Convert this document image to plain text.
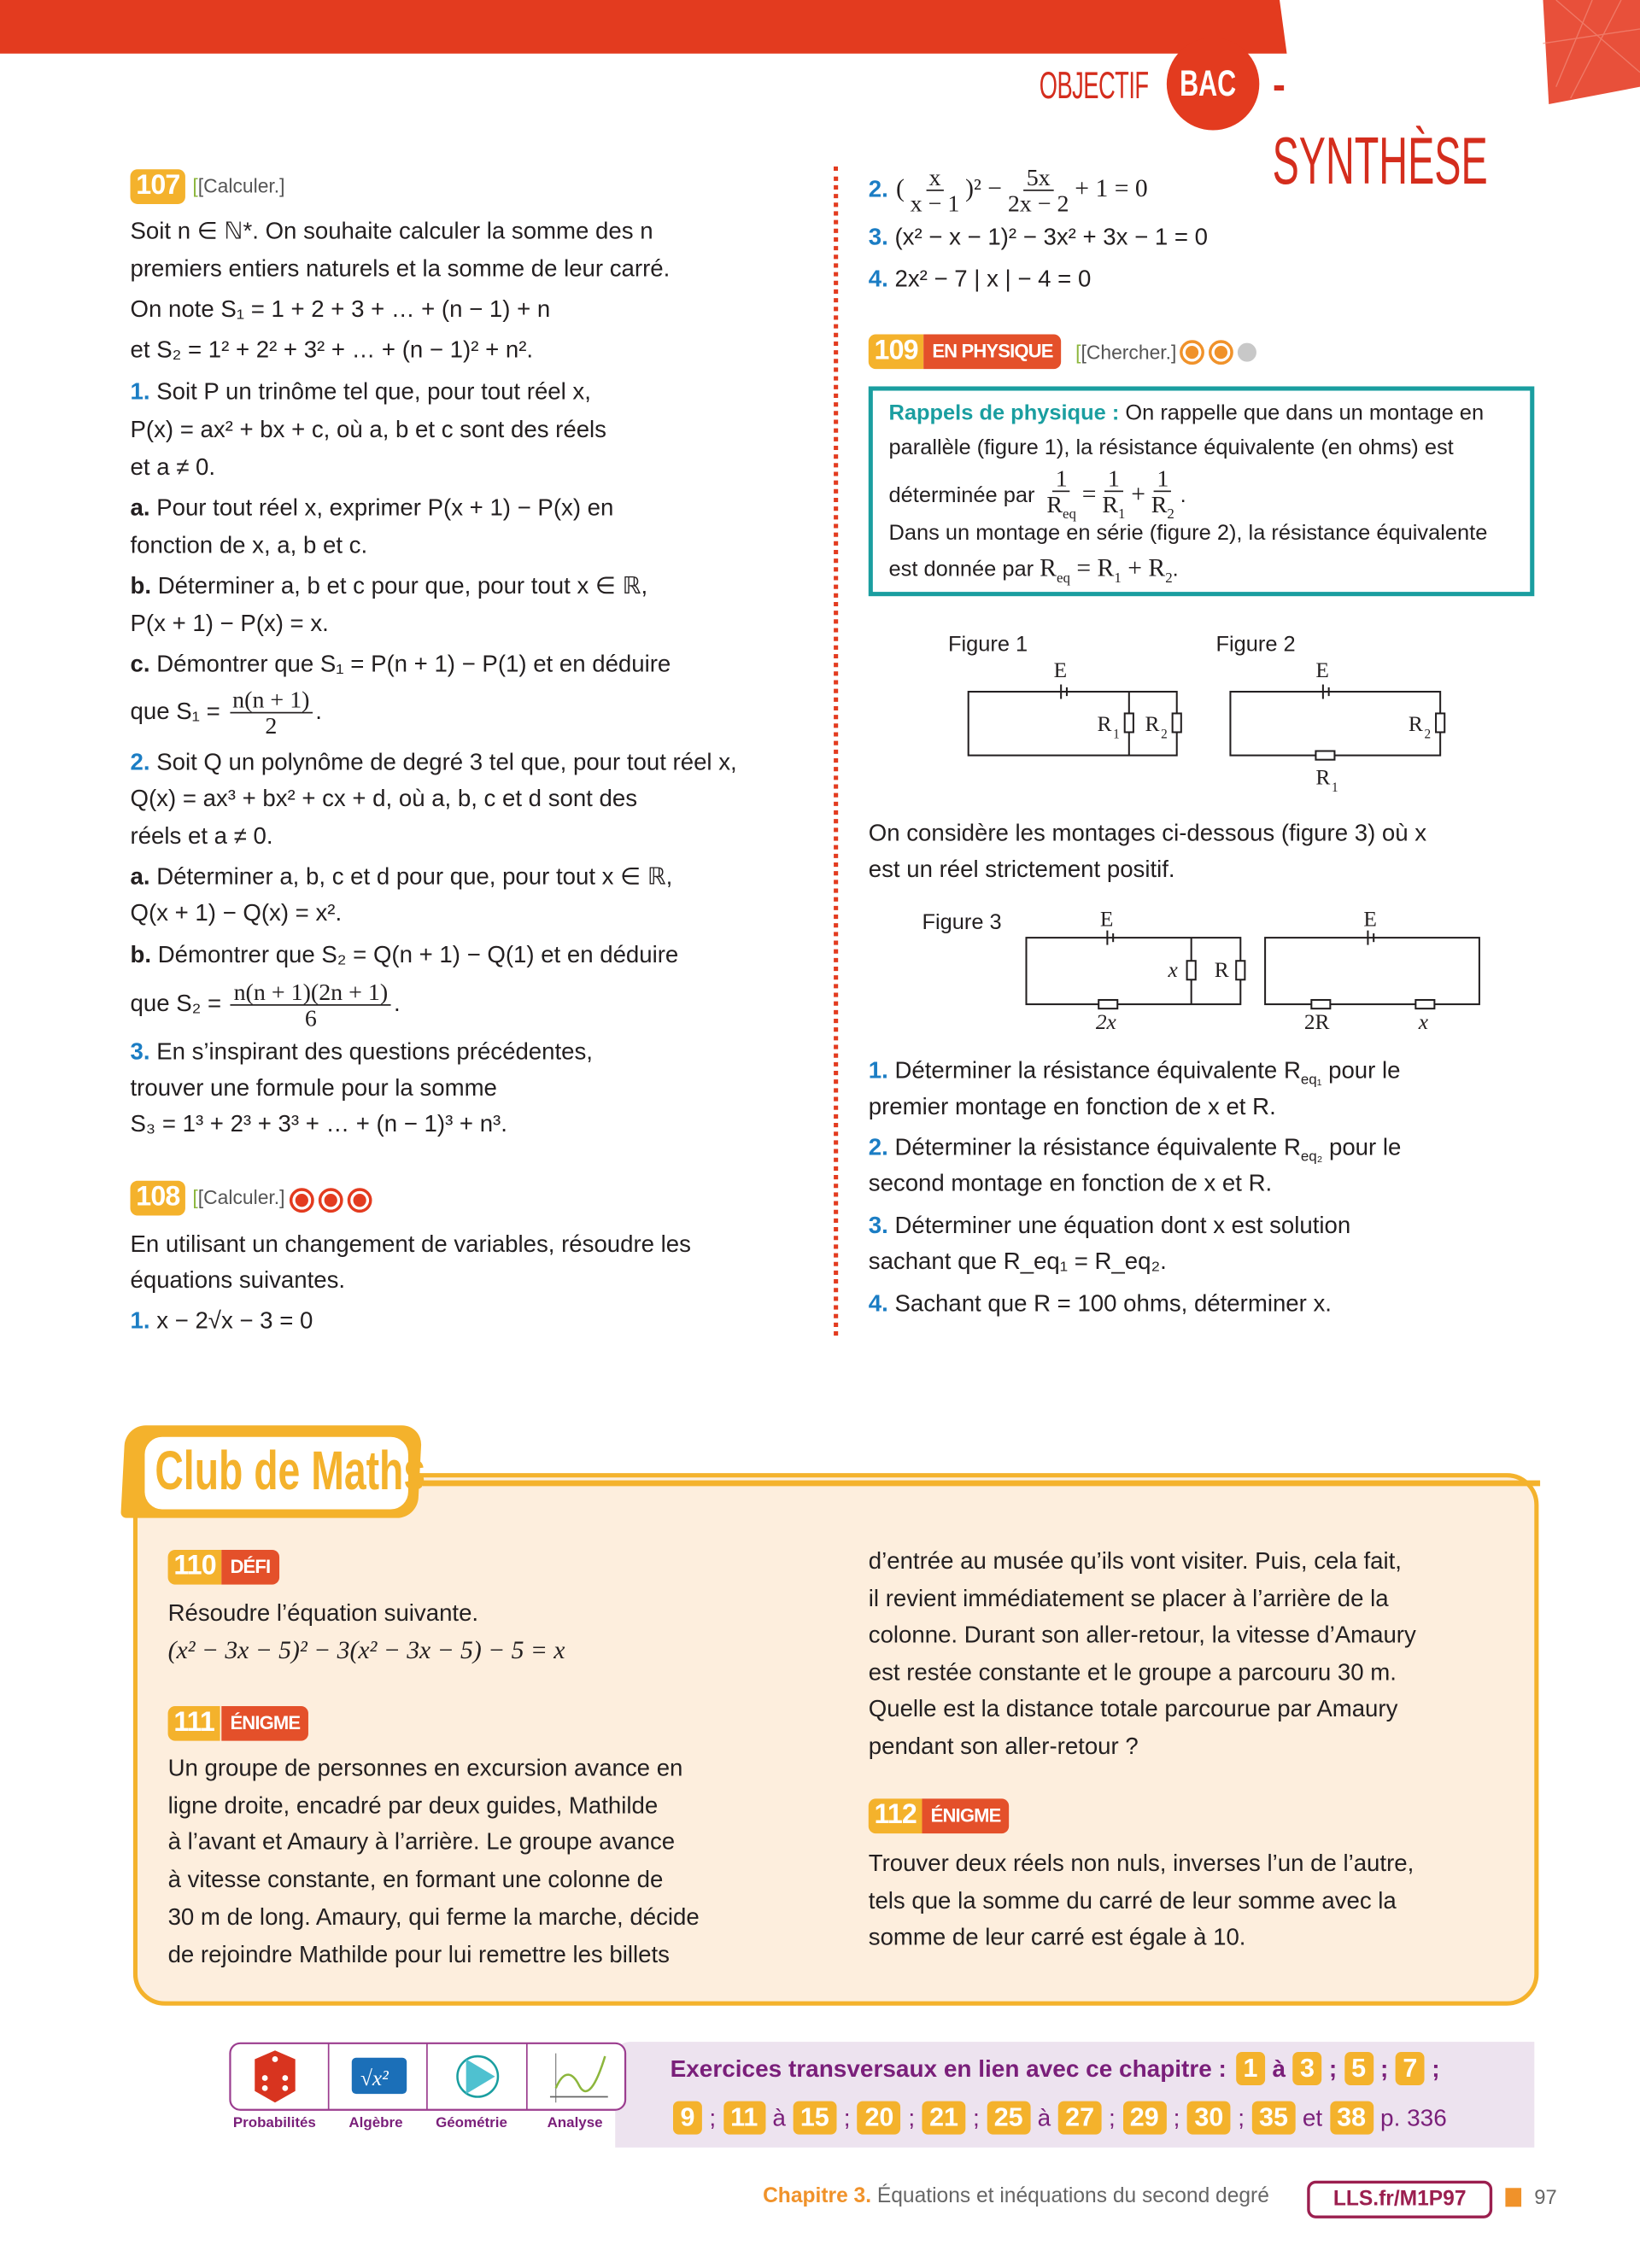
OBJECTIF BAC - SYNTHÈSE
107	[[Calculer.]
Soit n ∈ ℕ*. On souhaite calculer la somme des n
premiers entiers naturels et la somme de leur carré.
On note S₁ = 1 + 2 + 3 + … + (n − 1) + n
et S₂ = 1² + 2² + 3² + … + (n − 1)² + n².
1. Soit P un trinôme tel que, pour tout réel x,
P(x) = ax² + bx + c, où a, b et c sont des réels
et a ≠ 0.
a. Pour tout réel x, exprimer P(x + 1) − P(x) en
fonction de x, a, b et c.
b. Déterminer a, b et c pour que, pour tout x ∈ ℝ,
P(x + 1) − P(x) = x.
c. Démontrer que S₁ = P(n + 1) − P(1) et en déduire
2. Soit Q un polynôme de degré 3 tel que, pour tout réel x,
Q(x) = ax³ + bx² + cx + d, où a, b, c et d sont des
réels et a ≠ 0.
a. Déterminer a, b, c et d pour que, pour tout x ∈ ℝ,
Q(x + 1) − Q(x) = x².
b. Démontrer que S₂ = Q(n + 1) − Q(1) et en déduire
3. En s’inspirant des questions précédentes,
trouver une formule pour la somme
S₃ = 1³ + 2³ + 3³ + … + (n − 1)³ + n³.
que $S_1 = \frac{n(n + 1)}{2}$ .
que $S_2 = \frac{n(n + 1)(2n + 1)}{6}$ .
108	[[Calculer.]
En utilisant un changement de variables, résoudre les
équations suivantes.
1. x − 2√x − 3 = 0
2.
3. (x² − x − 1)² − 3x² + 3x − 1 = 0
4. 2x² − 7 | x | − 4 = 0
( $\frac{x}{x - 1} )^2 - \frac{5x}{2x - 2} + 1 = 0$
109	EN PHYSIQUE	[[Chercher.]
Rappels de physique : On rappelle que dans un montage en
parallèle (figure 1), la résistance équivalente (en ohms) est
déterminée par $\frac{1}{R_{eq}} = \frac{1}{R_1} + \frac{1}{R_2}$ .
Dans un montage en série (figure 2), la résistance équivalente
est donnée par $R_{eq} = R_1 + R_2$.
Figure 1	Figure 2
Figure 3
E	E
E	E
R 1 R 2	R 2
R 1
x	R
2x	2R	x
On considère les montages ci-dessous (figure 3) où x
est un réel strictement positif.
1. Déterminer la résistance équivalente $R_{eq_1}$ pour le
premier montage en fonction de x et R.
2. Déterminer la résistance équivalente $R_{eq_2}$ pour le
second montage en fonction de x et R.
3. Déterminer une équation dont x est solution
sachant que R_eq₁ = R_eq₂.
4. Sachant que R = 100 ohms, déterminer x.
Club de Maths
110	DÉFI
Résoudre l’équation suivante.
(x² − 3x − 5)² − 3(x² − 3x − 5) − 5 = x
111	ÉNIGME
Un groupe de personnes en excursion avance en
ligne droite, encadré par deux guides, Mathilde
à l’avant et Amaury à l’arrière. Le groupe avance
à vitesse constante, en formant une colonne de
30 m de long. Amaury, qui ferme la marche, décide
de rejoindre Mathilde pour lui remettre les billets
d’entrée au musée qu’ils vont visiter. Puis, cela fait,
il revient immédiatement se placer à l’arrière de la
colonne. Durant son aller-retour, la vitesse d’Amaury
est restée constante et le groupe a parcouru 30 m.
Quelle est la distance totale parcourue par Amaury
pendant son aller-retour ?
112	ÉNIGME
Trouver deux réels non nuls, inverses l’un de l’autre,
tels que la somme du carré de leur somme avec la
somme de leur carré est égale à 10.
√x²
Probabilités	Algèbre	Géométrie	Analyse
Exercices transversaux en lien avec ce chapitre : 1 à 3 ; 5 ; 7 ;
9 ; 11 à 15 ; 20 ; 21 ; 25 à 27 ; 29 ; 30 ; 35 et 38 p. 336
Chapitre 3. Équations et inéquations du second degré	LLS.fr/M1P97	97
